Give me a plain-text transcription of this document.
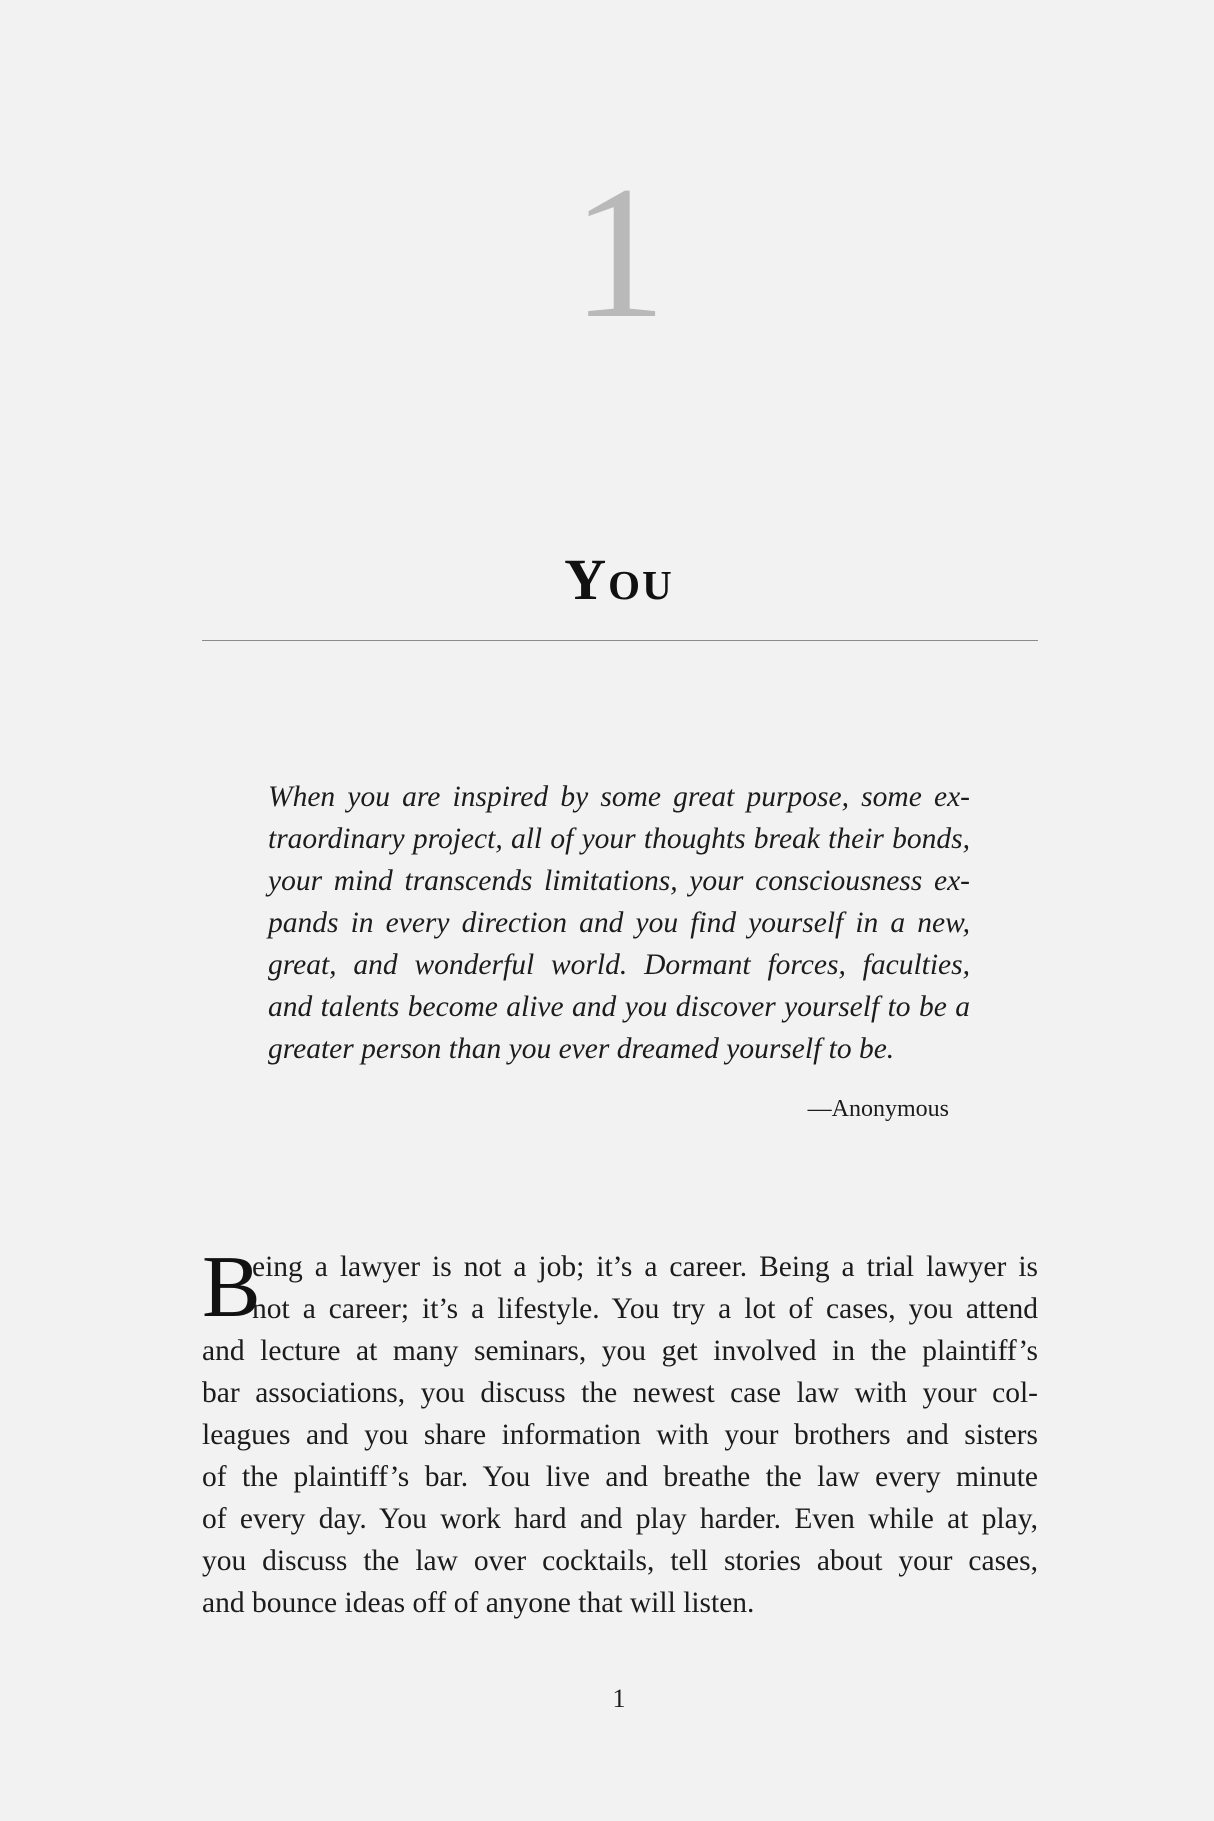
1
You
When you are inspired by some great purpose, some ex-
traordinary project, all of your thoughts break their bonds,
your mind transcends limitations, your consciousness ex-
pands in every direction and you find yourself in a new,
great, and wonderful world. Dormant forces, faculties,
and talents become alive and you discover yourself to be a
greater person than you ever dreamed yourself to be.
—Anonymous
B
eing a lawyer is not a job; it’s a career. Being a trial lawyer is
not a career; it’s a lifestyle. You try a lot of cases, you attend
and lecture at many seminars, you get involved in the plaintiff’s
bar associations, you discuss the newest case law with your col-
leagues and you share information with your brothers and sisters
of the plaintiff’s bar. You live and breathe the law every minute
of every day. You work hard and play harder. Even while at play,
you discuss the law over cocktails, tell stories about your cases,
and bounce ideas off of anyone that will listen.
1
